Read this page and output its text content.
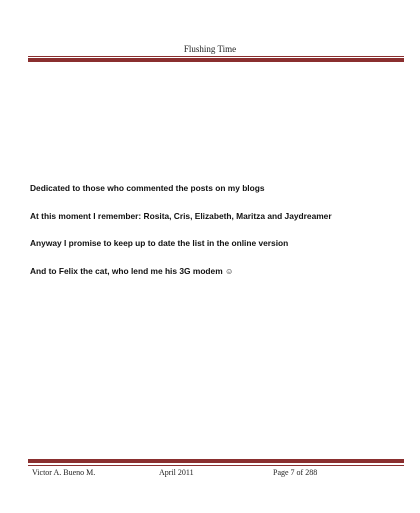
Flushing Time

Dedicated to those who commented the posts on my blogs

At this moment I remember: Rosita, Cris, Elizabeth, Maritza and Jaydreamer

Anyway I promise to keep up to date the list in the online version

And to Felix the cat, who lend me his 3G modem ☺

Victor A. Bueno M.	April 2011	Page 7 of 288
